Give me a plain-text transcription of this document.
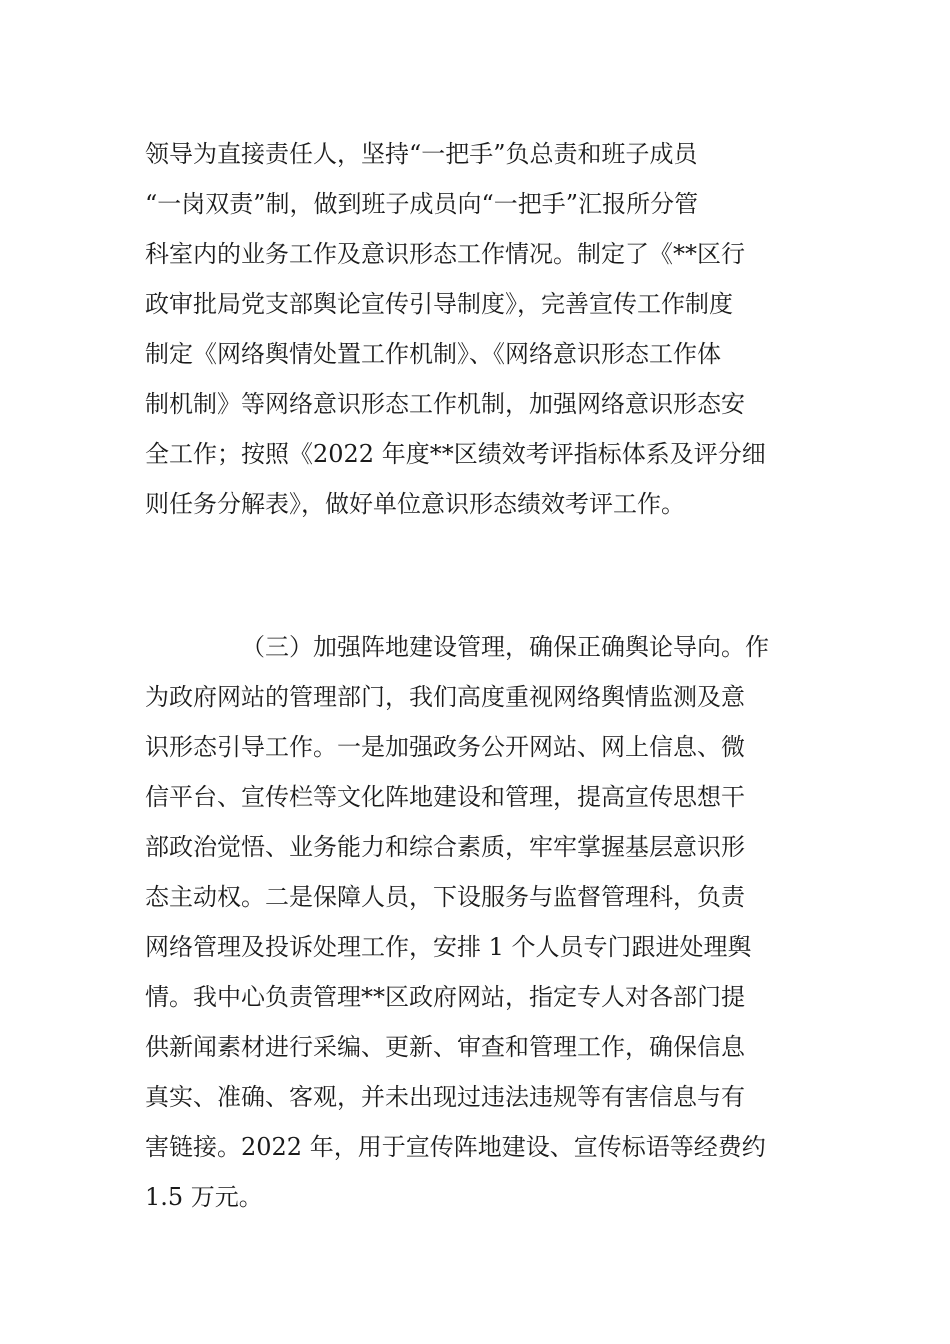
领导为直接责任人，坚持“一把手”负总责和班子成员
“一岗双责”制，做到班子成员向“一把手”汇报所分管
科室内的业务工作及意识形态工作情况。制定了《**区行
政审批局党支部舆论宣传引导制度》，完善宣传工作制度
制定《网络舆情处置工作机制》、《网络意识形态工作体
制机制》等网络意识形态工作机制，加强网络意识形态安
全工作；按照《2022 年度**区绩效考评指标体系及评分细
则任务分解表》，做好单位意识形态绩效考评工作。
（三）加强阵地建设管理，确保正确舆论导向。作
为政府网站的管理部门，我们高度重视网络舆情监测及意
识形态引导工作。一是加强政务公开网站、网上信息、微
信平台、宣传栏等文化阵地建设和管理，提高宣传思想干
部政治觉悟、业务能力和综合素质，牢牢掌握基层意识形
态主动权。二是保障人员，下设服务与监督管理科，负责
网络管理及投诉处理工作，安排 1 个人员专门跟进处理舆
情。我中心负责管理**区政府网站，指定专人对各部门提
供新闻素材进行采编、更新、审查和管理工作，确保信息
真实、准确、客观，并未出现过违法违规等有害信息与有
害链接。2022 年，用于宣传阵地建设、宣传标语等经费约
1.5 万元。
